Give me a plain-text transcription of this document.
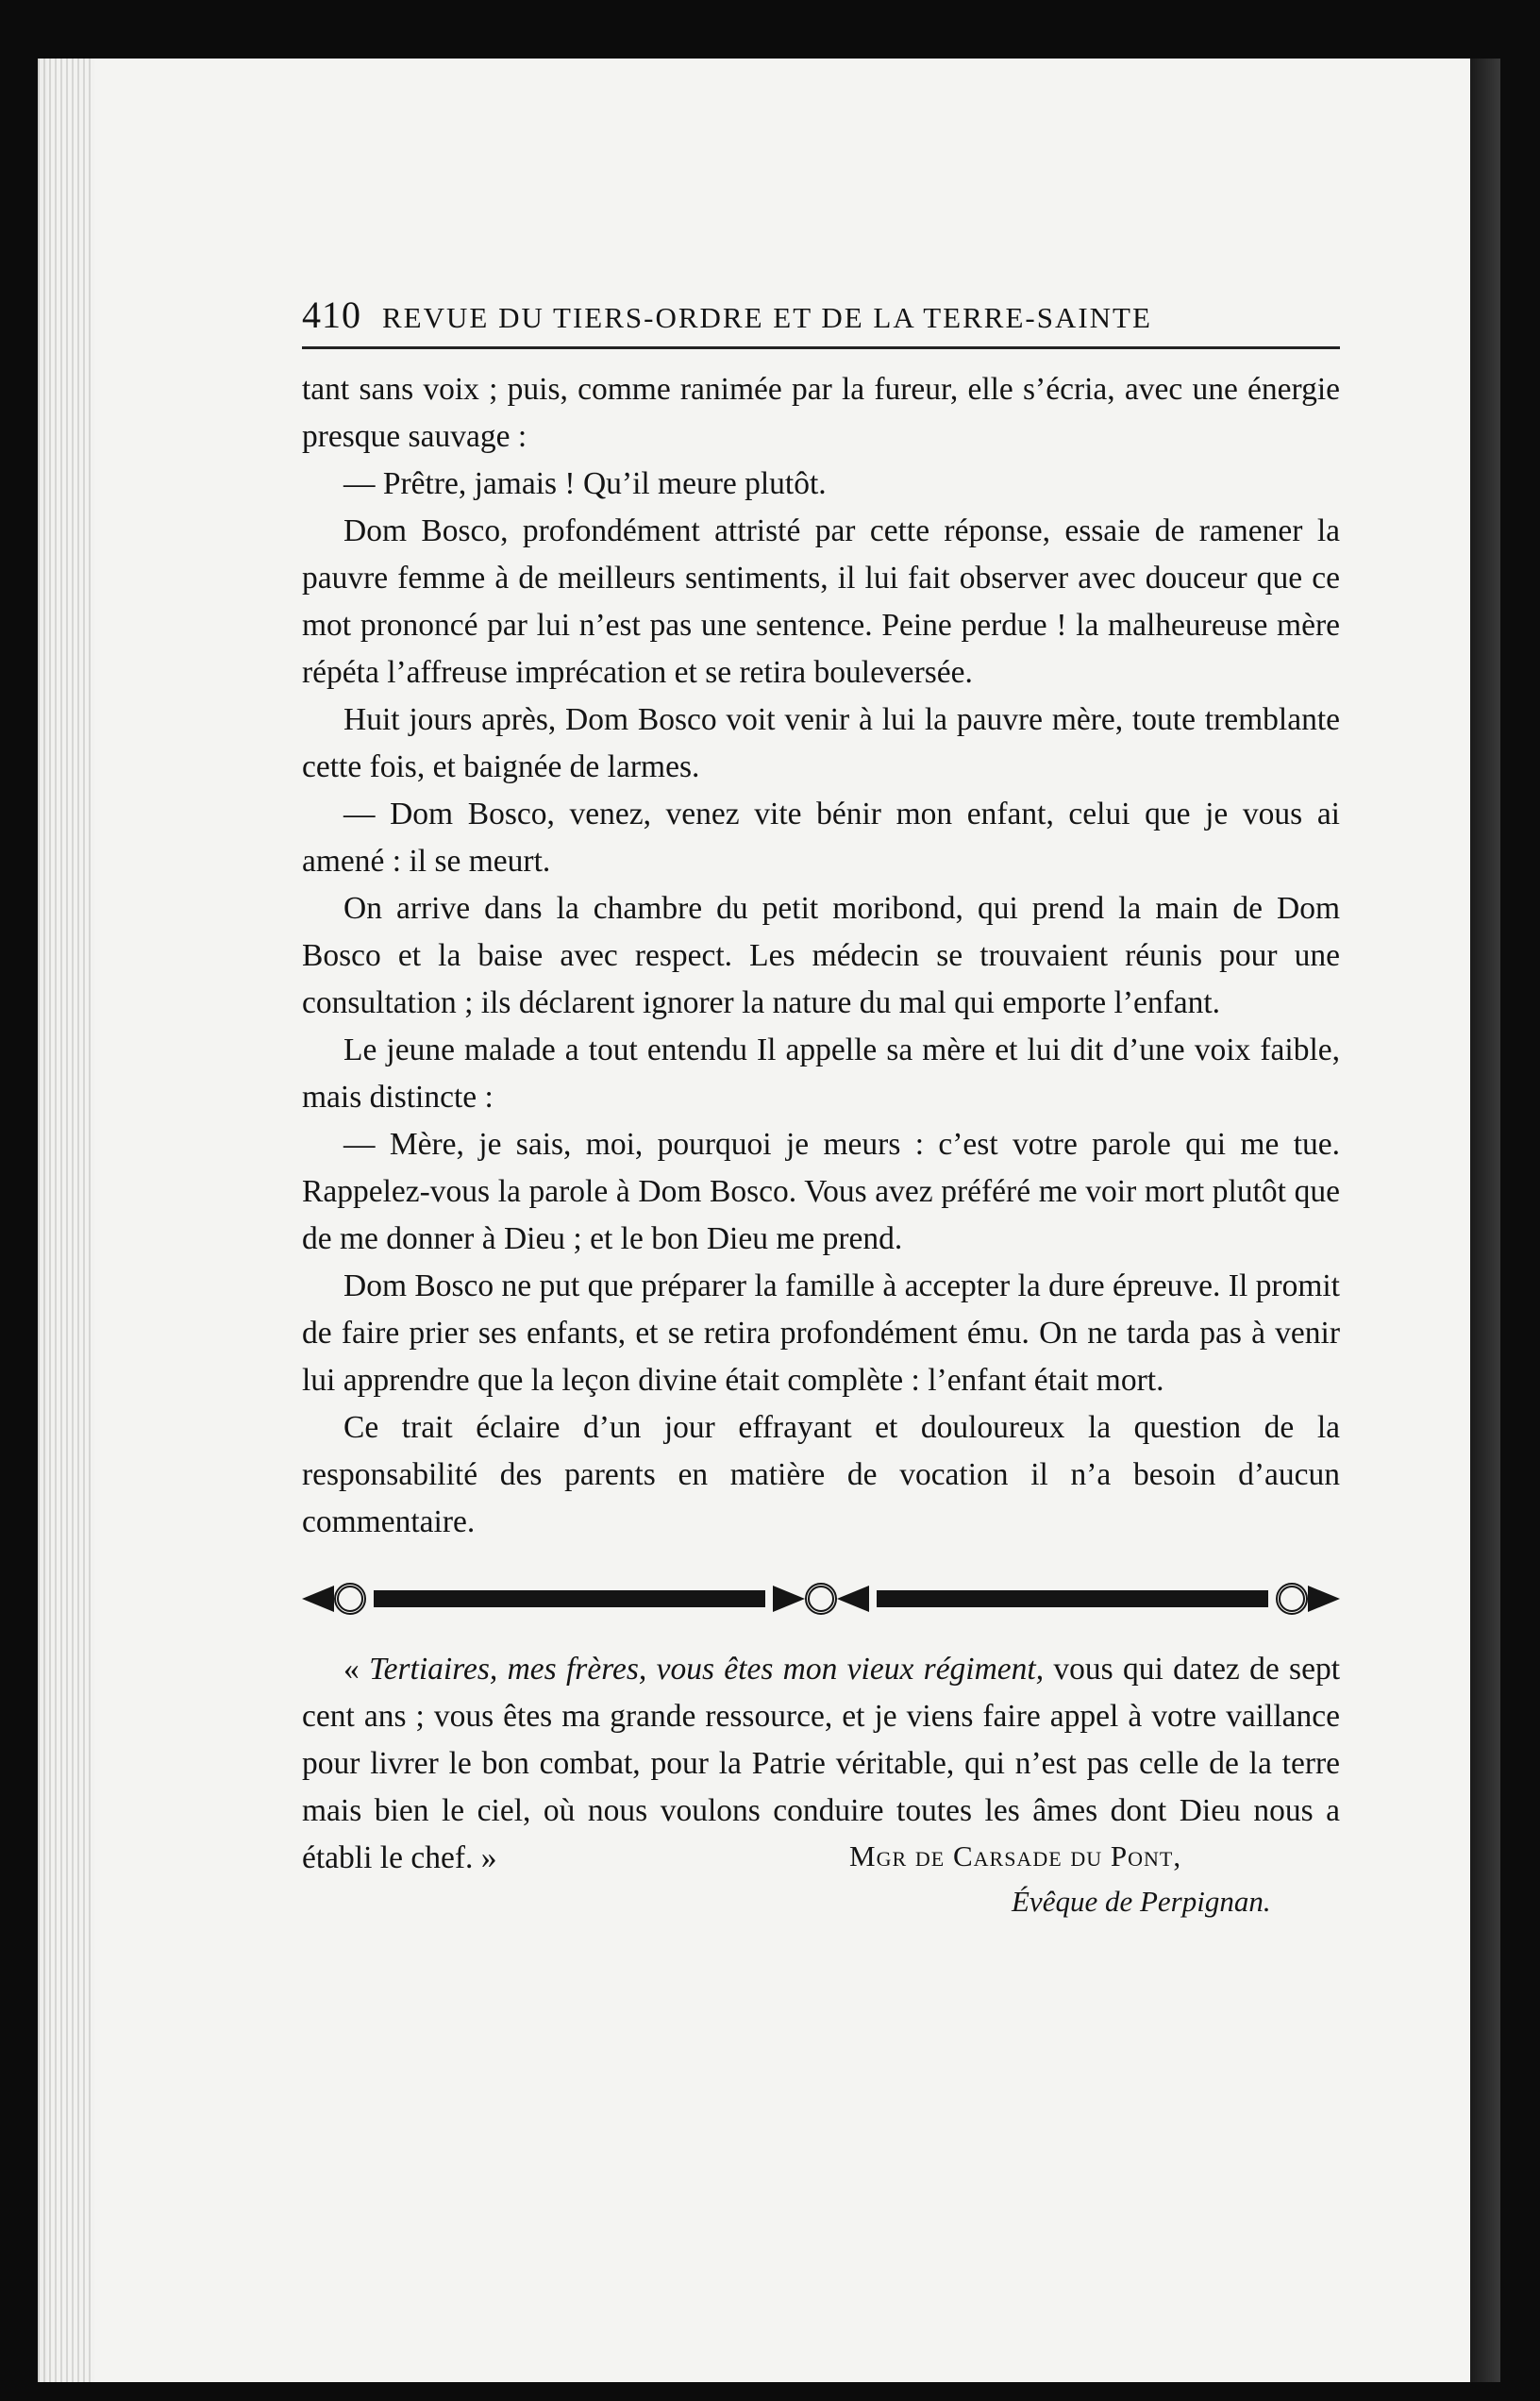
410 REVUE DU TIERS-ORDRE ET DE LA TERRE-SAINTE

tant sans voix ; puis, comme ranimée par la fureur, elle s’écria, avec une énergie presque sauvage :

— Prêtre, jamais ! Qu’il meure plutôt.

Dom Bosco, profondément attristé par cette réponse, essaie de ramener la pauvre femme à de meilleurs sentiments, il lui fait observer avec douceur que ce mot prononcé par lui n’est pas une sentence. Peine perdue ! la malheureuse mère répéta l’affreuse imprécation et se retira bouleversée.

Huit jours après, Dom Bosco voit venir à lui la pauvre mère, toute tremblante cette fois, et baignée de larmes.

— Dom Bosco, venez, venez vite bénir mon enfant, celui que je vous ai amené : il se meurt.

On arrive dans la chambre du petit moribond, qui prend la main de Dom Bosco et la baise avec respect. Les médecin se trouvaient réunis pour une consultation ; ils déclarent ignorer la nature du mal qui emporte l’enfant.

Le jeune malade a tout entendu Il appelle sa mère et lui dit d’une voix faible, mais distincte :

— Mère, je sais, moi, pourquoi je meurs : c’est votre parole qui me tue. Rappelez-vous la parole à Dom Bosco. Vous avez préféré me voir mort plutôt que de me donner à Dieu ; et le bon Dieu me prend.

Dom Bosco ne put que préparer la famille à accepter la dure épreuve. Il promit de faire prier ses enfants, et se retira profondément ému. On ne tarda pas à venir lui apprendre que la leçon divine était complète : l’enfant était mort.

Ce trait éclaire d’un jour effrayant et douloureux la question de la responsabilité des parents en matière de vocation il n’a besoin d’aucun commentaire.

« Tertiaires, mes frères, vous êtes mon vieux régiment, vous qui datez de sept cent ans ; vous êtes ma grande ressource, et je viens faire appel à votre vaillance pour livrer le bon combat, pour la Patrie véritable, qui n’est pas celle de la terre mais bien le ciel, où nous voulons conduire toutes les âmes dont Dieu nous a établi le chef. »	Mgr de Carsade du Pont,
Évêque de Perpignan.
